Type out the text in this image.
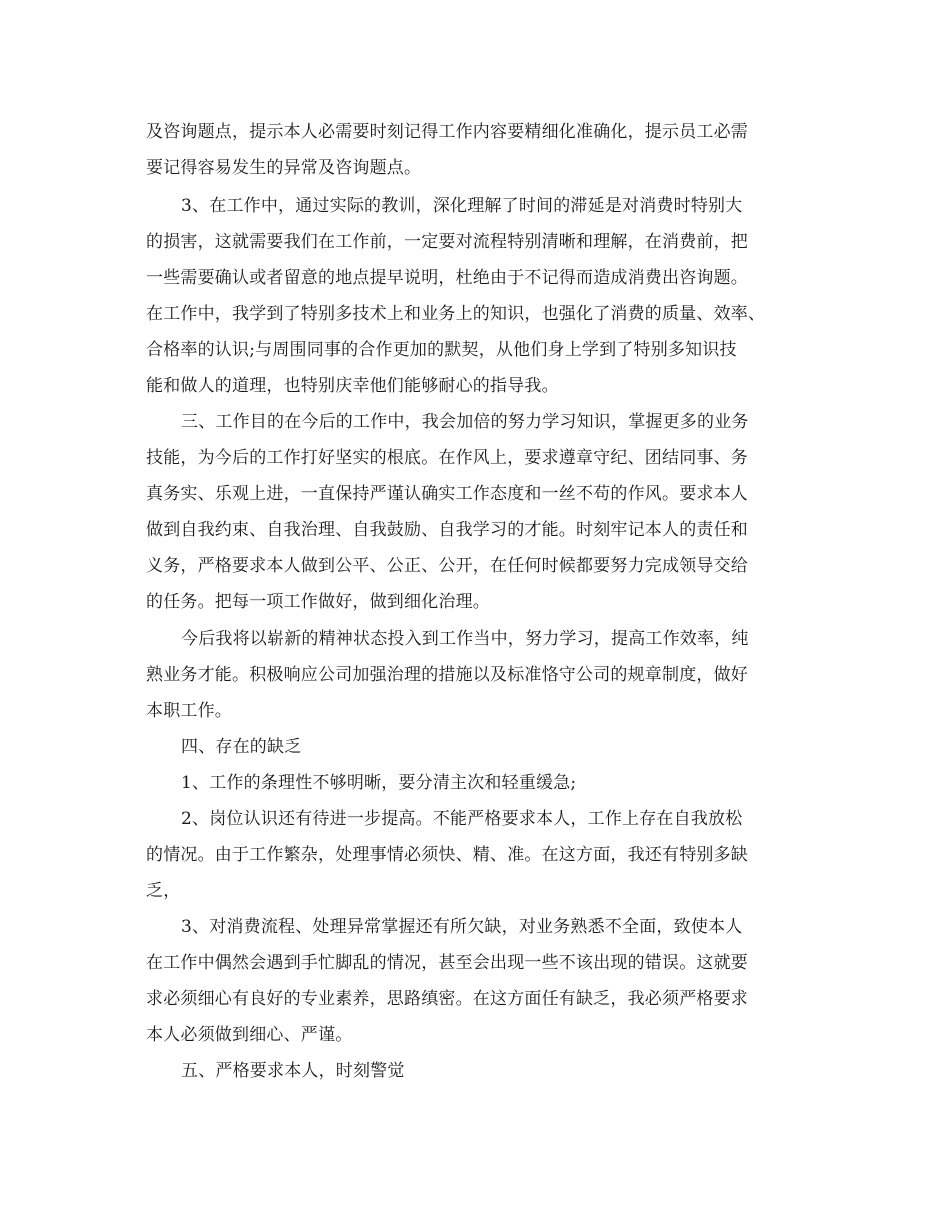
及咨询题点，提示本人必需要时刻记得工作内容要精细化准确化，提示员工必需
要记得容易发生的异常及咨询题点。
3、在工作中，通过实际的教训，深化理解了时间的滞延是对消费时特别大
的损害，这就需要我们在工作前，一定要对流程特别清晰和理解，在消费前，把
一些需要确认或者留意的地点提早说明，杜绝由于不记得而造成消费出咨询题。
在工作中，我学到了特别多技术上和业务上的知识，也强化了消费的质量、效率、
合格率的认识;与周围同事的合作更加的默契，从他们身上学到了特别多知识技
能和做人的道理，也特别庆幸他们能够耐心的指导我。
三、工作目的在今后的工作中，我会加倍的努力学习知识，掌握更多的业务
技能，为今后的工作打好坚实的根底。在作风上，要求遵章守纪、团结同事、务
真务实、乐观上进，一直保持严谨认确实工作态度和一丝不苟的作风。要求本人
做到自我约束、自我治理、自我鼓励、自我学习的才能。时刻牢记本人的责任和
义务，严格要求本人做到公平、公正、公开，在任何时候都要努力完成领导交给
的任务。把每一项工作做好，做到细化治理。
今后我将以崭新的精神状态投入到工作当中，努力学习，提高工作效率，纯
熟业务才能。积极响应公司加强治理的措施以及标准恪守公司的规章制度，做好
本职工作。
四、存在的缺乏
1、工作的条理性不够明晰，要分清主次和轻重缓急;
2、岗位认识还有待进一步提高。不能严格要求本人，工作上存在自我放松
的情况。由于工作繁杂，处理事情必须快、精、准。在这方面，我还有特别多缺
乏，
3、对消费流程、处理异常掌握还有所欠缺，对业务熟悉不全面，致使本人
在工作中偶然会遇到手忙脚乱的情况，甚至会出现一些不该出现的错误。这就要
求必须细心有良好的专业素养，思路缜密。在这方面任有缺乏，我必须严格要求
本人必须做到细心、严谨。
五、严格要求本人，时刻警觉
